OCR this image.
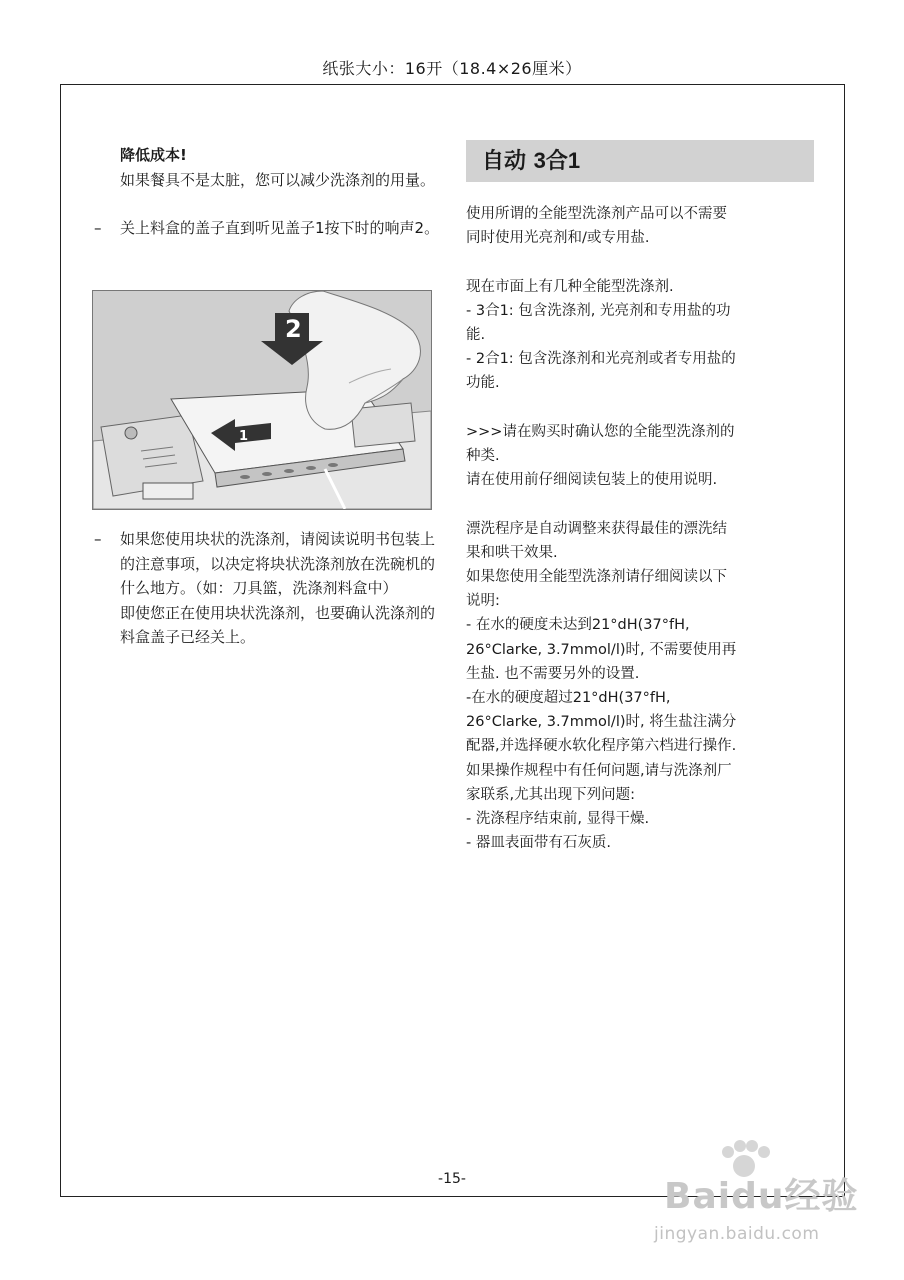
纸张大小：16开（18.4×26厘米）
降低成本!
如果餐具不是太脏，您可以减少洗涤剂的用量。
– 关上料盒的盖子直到听见盖子1按下时的响声2。
1
2
– 如果您使用块状的洗涤剂，请阅读说明书包装上的注意事项，以决定将块状洗涤剂放在洗碗机的什么地方。（如：刀具篮，洗涤剂料盒中）
即使您正在使用块状洗涤剂，也要确认洗涤剂的料盒盖子已经关上。
自动 3合1

使用所谓的全能型洗涤剂产品可以不需要

同时使用光亮剂和/或专用盐.

现在市面上有几种全能型洗涤剂.

- 3合1: 包含洗涤剂, 光亮剂和专用盐的功

能.

- 2合1: 包含洗涤剂和光亮剂或者专用盐的

功能.

>>>请在购买时确认您的全能型洗涤剂的

种类.

请在使用前仔细阅读包装上的使用说明.

漂洗程序是自动调整来获得最佳的漂洗结

果和哄干效果.

如果您使用全能型洗涤剂请仔细阅读以下

说明:

- 在水的硬度未达到21°dH(37°fH,

26°Clarke, 3.7mmol/l)时, 不需要使用再

生盐. 也不需要另外的设置.

-在水的硬度超过21°dH(37°fH,

26°Clarke, 3.7mmol/l)时, 将生盐注满分

配器,并选择硬水软化程序第六档进行操作.

如果操作规程中有任何问题,请与洗涤剂厂

家联系,尤其出现下列问题:

- 洗涤程序结束前, 显得干燥.

- 器皿表面带有石灰质.

-15-	Baidu经验
jingyan.baidu.com
